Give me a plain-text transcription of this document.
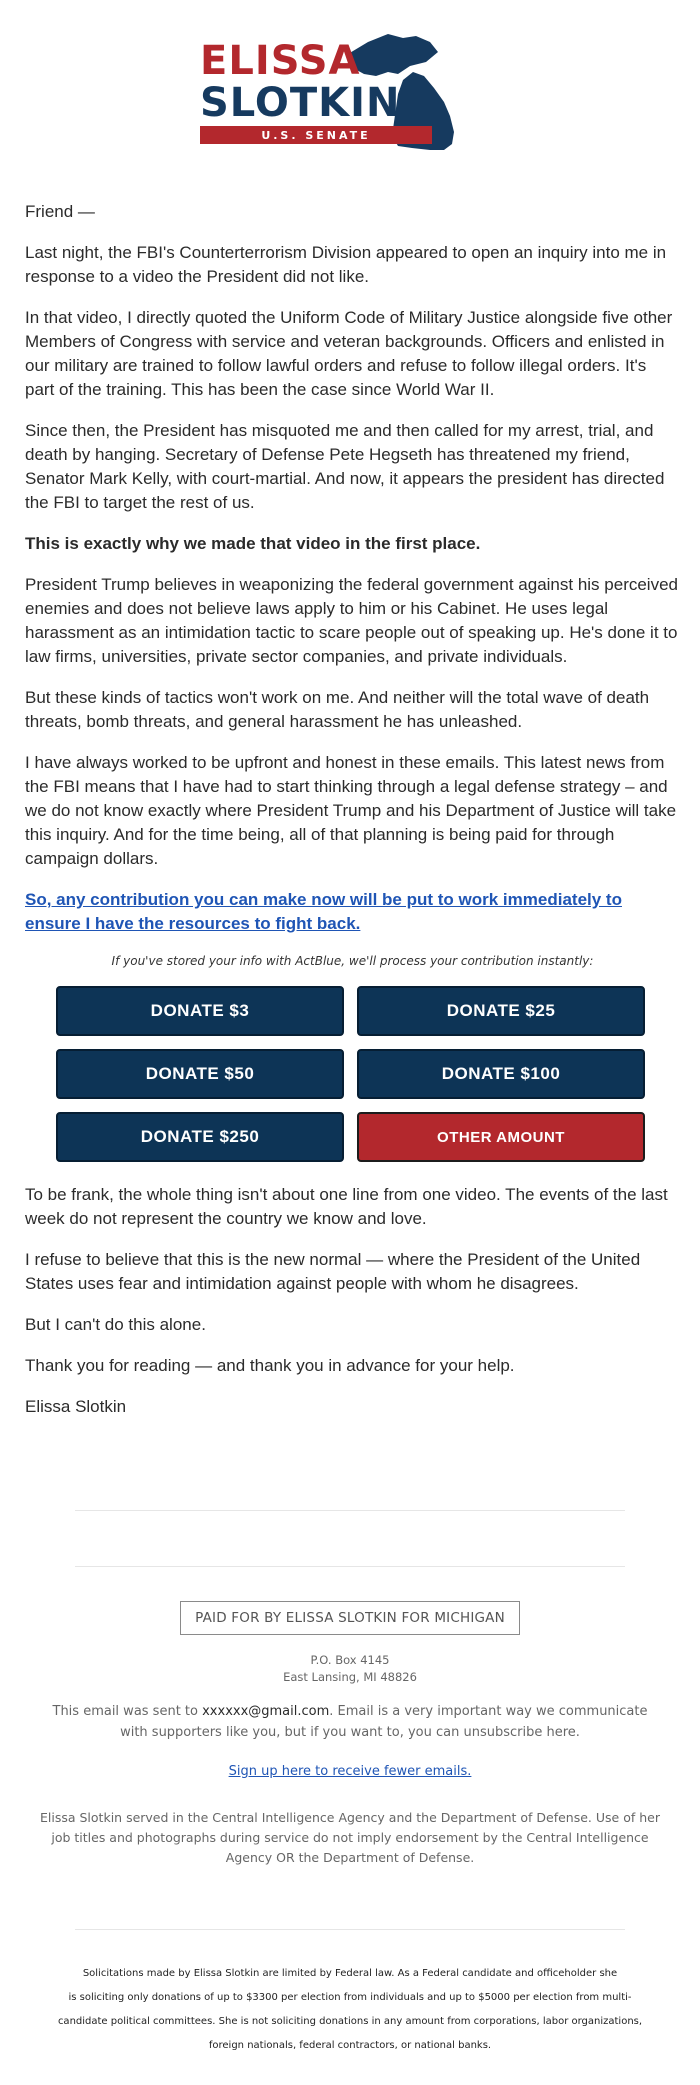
ELISSA
SLOTKIN
U.S. SENATE

Friend —

Last night, the FBI's Counterterrorism Division appeared to open an inquiry into me in response to a video the President did not like.

In that video, I directly quoted the Uniform Code of Military Justice alongside five other Members of Congress with service and veteran backgrounds. Officers and enlisted in our military are trained to follow lawful orders and refuse to follow illegal orders. It's part of the training. This has been the case since World War II.

Since then, the President has misquoted me and then called for my arrest, trial, and death by hanging. Secretary of Defense Pete Hegseth has threatened my friend, Senator Mark Kelly, with court-martial. And now, it appears the president has directed the FBI to target the rest of us.

This is exactly why we made that video in the first place.

President Trump believes in weaponizing the federal government against his perceived enemies and does not believe laws apply to him or his Cabinet. He uses legal harassment as an intimidation tactic to scare people out of speaking up. He's done it to law firms, universities, private sector companies, and private individuals.

But these kinds of tactics won't work on me. And neither will the total wave of death threats, bomb threats, and general harassment he has unleashed.

I have always worked to be upfront and honest in these emails. This latest news from the FBI means that I have had to start thinking through a legal defense strategy – and we do not know exactly where President Trump and his Department of Justice will take this inquiry. And for the time being, all of that planning is being paid for through campaign dollars.

So, any contribution you can make now will be put to work immediately to ensure I have the resources to fight back.
If you've stored your info with ActBlue, we'll process your contribution instantly:
DONATE $3	DONATE $25
DONATE $50	DONATE $100
DONATE $250	OTHER AMOUNT

To be frank, the whole thing isn't about one line from one video. The events of the last week do not represent the country we know and love.

I refuse to believe that this is the new normal — where the President of the United States uses fear and intimidation against people with whom he disagrees.

But I can't do this alone.

Thank you for reading — and thank you in advance for your help.

Elissa Slotkin

PAID FOR BY ELISSA SLOTKIN FOR MICHIGAN
P.O. Box 4145
East Lansing, MI 48826
This email was sent to xxxxxx@gmail.com. Email is a very important way we communicate with supporters like you, but if you want to, you can unsubscribe here.
Sign up here to receive fewer emails.
Elissa Slotkin served in the Central Intelligence Agency and the Department of Defense. Use of her job titles and photographs during service do not imply endorsement by the Central Intelligence Agency OR the Department of Defense.
Solicitations made by Elissa Slotkin are limited by Federal law. As a Federal candidate and officeholder she
is soliciting only donations of up to $3300 per election from individuals and up to $5000 per election from multi-
candidate political committees. She is not soliciting donations in any amount from corporations, labor organizations,
foreign nationals, federal contractors, or national banks.
